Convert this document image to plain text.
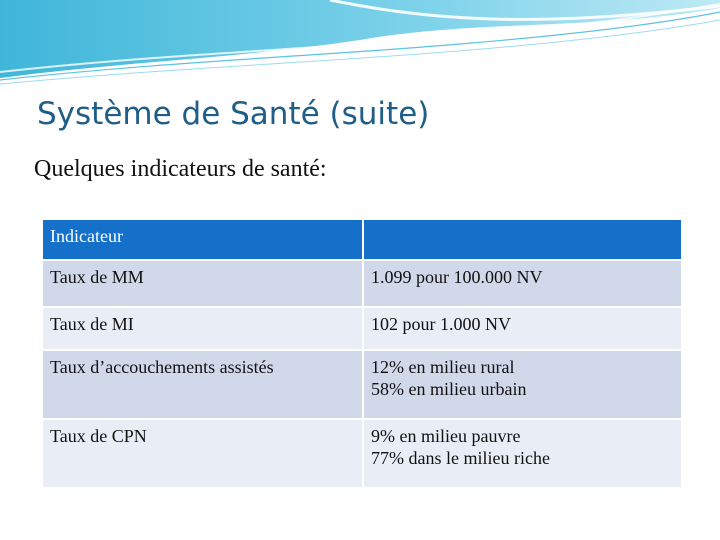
Système de Santé (suite)
Quelques indicateurs de santé:
Indicateur	
Taux de MM	1.099 pour 100.000 NV

Taux de MI	102 pour 1.000 NV

Taux d’accouchements assistés	12% en milieu rural
58% en milieu urbain

Taux de CPN	9% en milieu pauvre
77% dans le milieu riche
